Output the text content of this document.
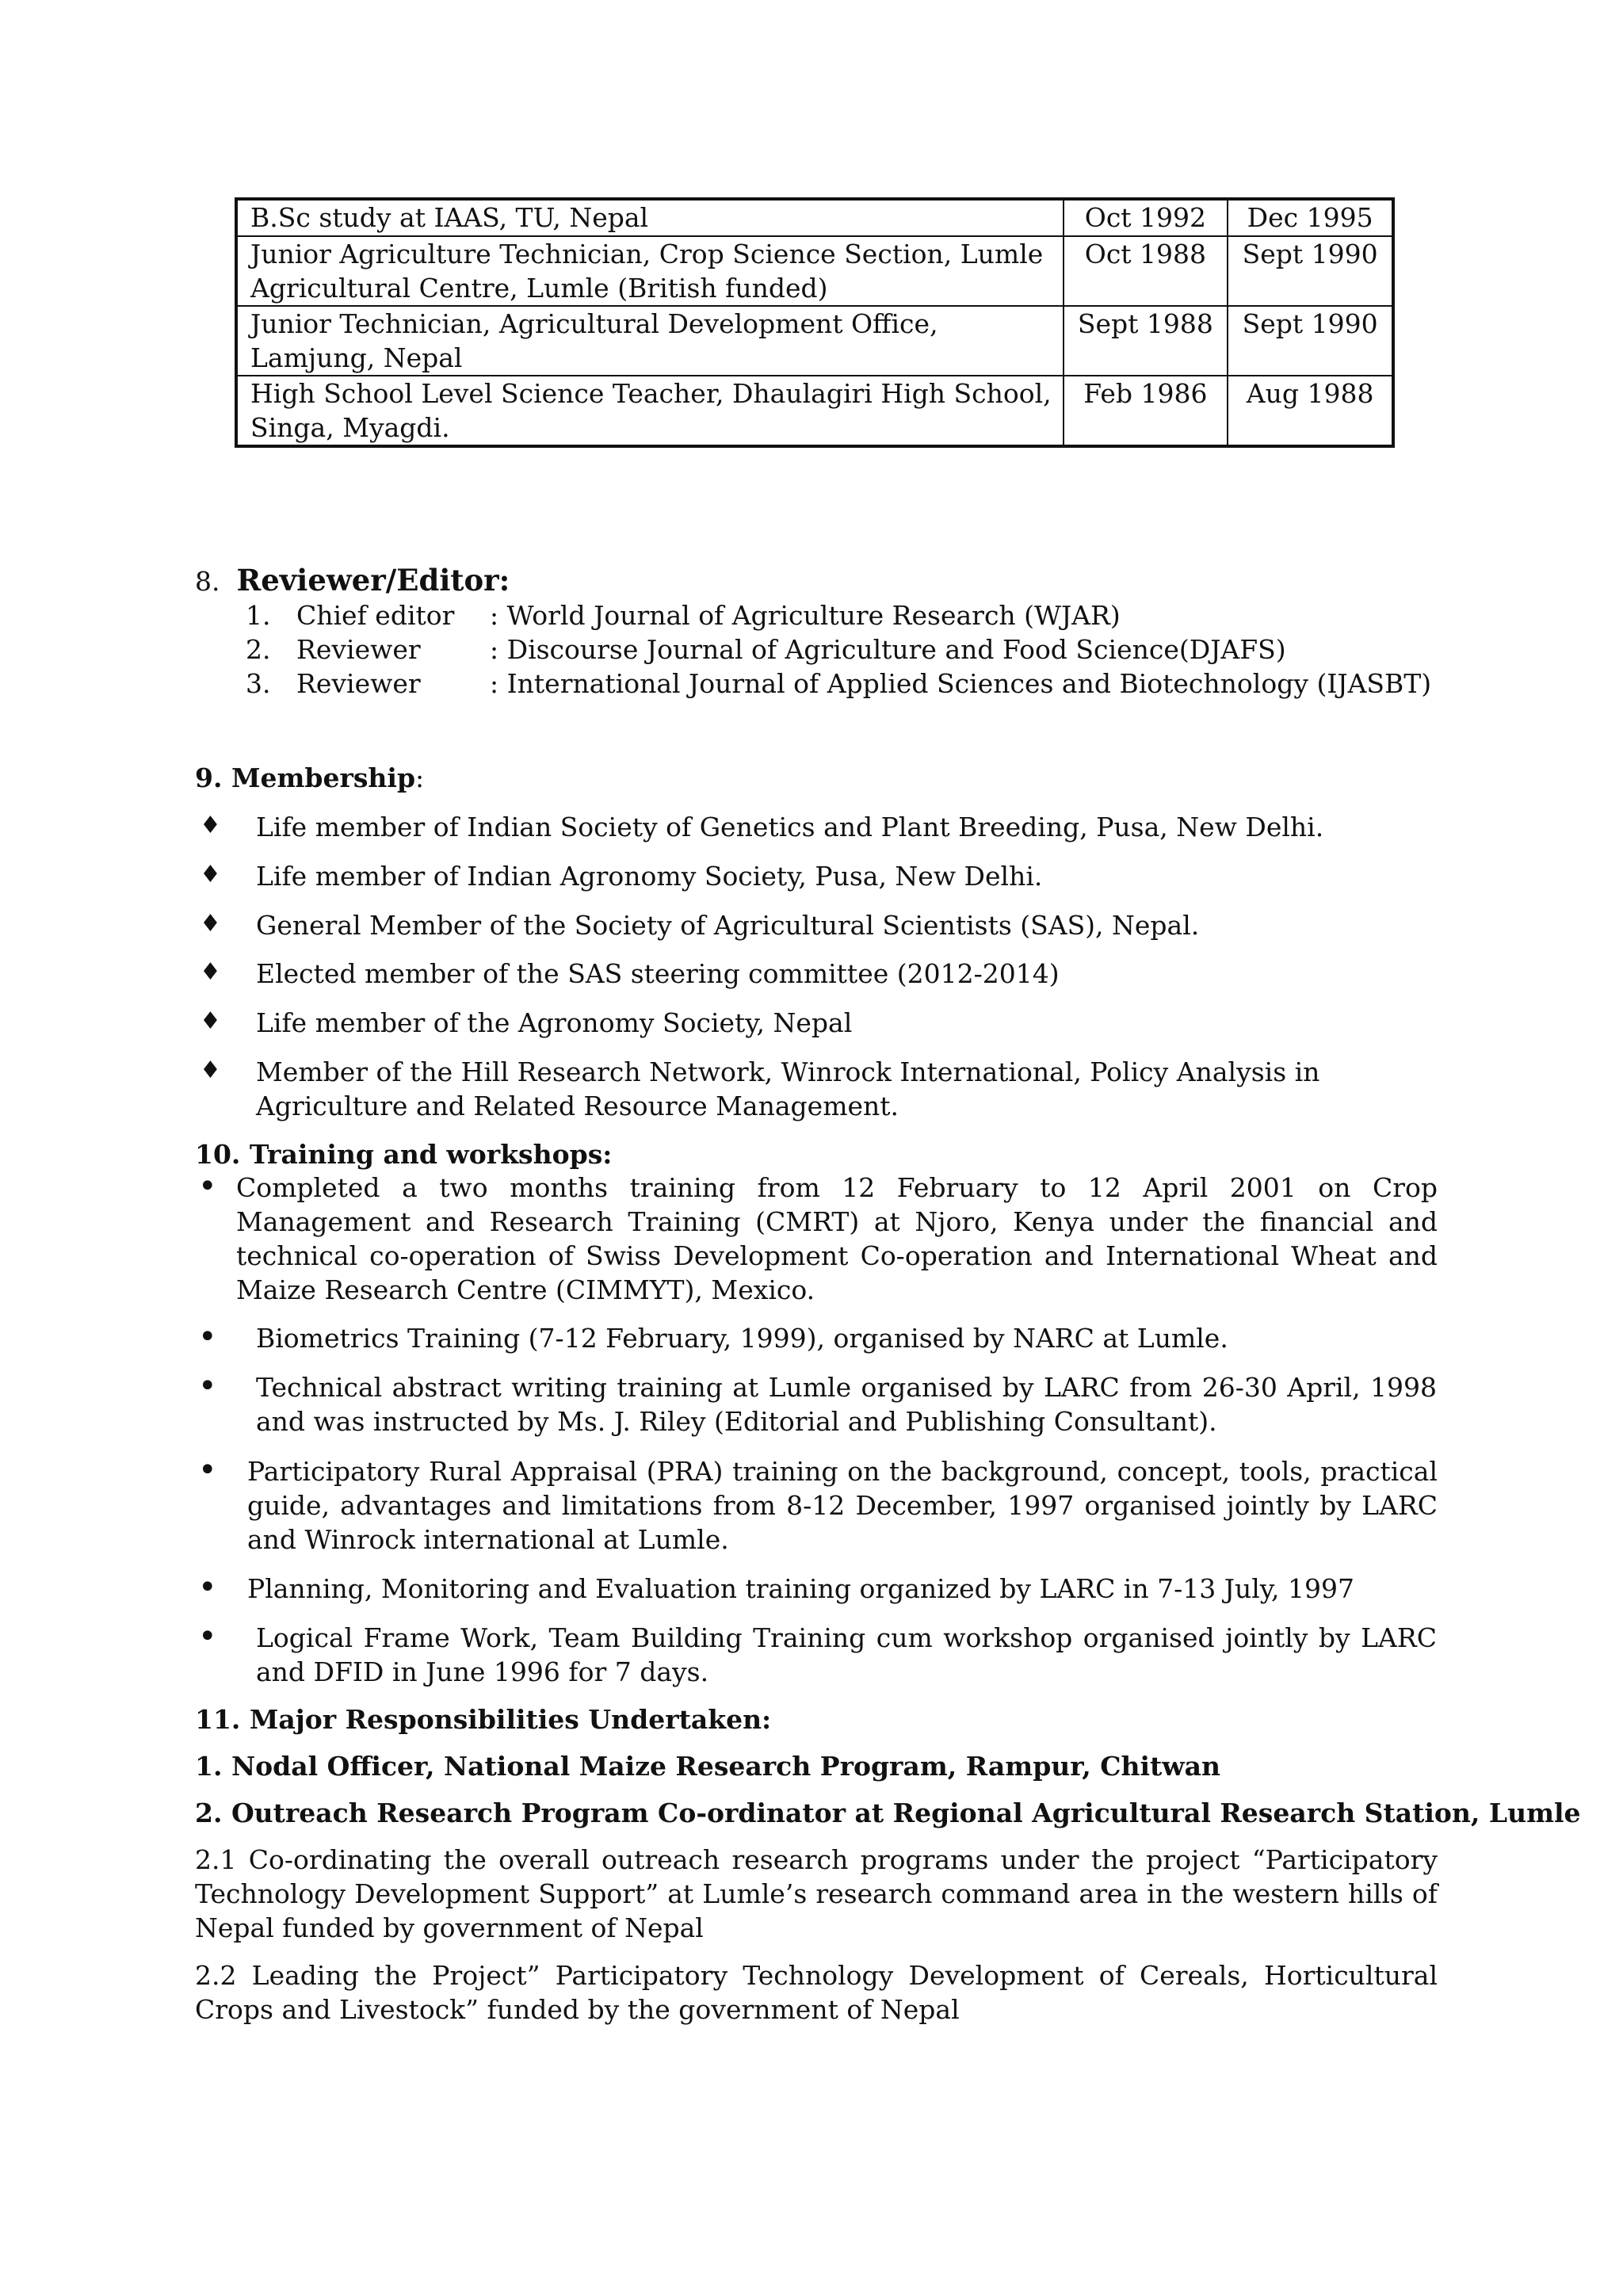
B.Sc study at IAAS, TU, Nepal	Oct 1992	Dec 1995
Junior Agriculture Technician, Crop Science Section, Lumle Agricultural Centre, Lumle (British funded)	Oct 1988	Sept 1990
Junior Technician, Agricultural Development Office, Lamjung, Nepal	Sept 1988	Sept 1990
High School Level Science Teacher, Dhaulagiri High School, Singa, Myagdi.	Feb 1986	Aug 1988
8. Reviewer/Editor:
1. Chief editor : World Journal of Agriculture Research (WJAR)
2. Reviewer	: Discourse Journal of Agriculture and Food Science(DJAFS)
3. Reviewer	: International Journal of Applied Sciences and Biotechnology (IJASBT)
9. Membership:
♦ Life member of Indian Society of Genetics and Plant Breeding, Pusa, New Delhi.
♦ Life member of Indian Agronomy Society, Pusa, New Delhi.
♦ General Member of the Society of Agricultural Scientists (SAS), Nepal.
♦ Elected member of the SAS steering committee (2012-2014)
♦ Life member of the Agronomy Society, Nepal
♦ Member of the Hill Research Network, Winrock International, Policy Analysis in Agriculture and Related Resource Management.
10. Training and workshops:
• Completed a two months training from 12 February to 12 April 2001 on Crop Management and Research Training (CMRT) at Njoro, Kenya under the financial and technical co-operation of Swiss Development Co-operation and International Wheat and Maize Research Centre (CIMMYT), Mexico.
• Biometrics Training (7-12 February, 1999), organised by NARC at Lumle.
• Technical abstract writing training at Lumle organised by LARC from 26-30 April, 1998 and was instructed by Ms. J. Riley (Editorial and Publishing Consultant).
• Participatory Rural Appraisal (PRA) training on the background, concept, tools, practical guide, advantages and limitations from 8-12 December, 1997 organised jointly by LARC and Winrock international at Lumle.
• Planning, Monitoring and Evaluation training organized by LARC in 7-13 July, 1997
• Logical Frame Work, Team Building Training cum workshop organised jointly by LARC and DFID in June 1996 for 7 days.
11. Major Responsibilities Undertaken:
1. Nodal Officer, National Maize Research Program, Rampur, Chitwan
2. Outreach Research Program Co-ordinator at Regional Agricultural Research Station, Lumle
2.1 Co-ordinating the overall outreach research programs under the project “Participatory Technology Development Support” at Lumle’s research command area in the western hills of Nepal funded by government of Nepal
2.2 Leading the Project” Participatory Technology Development of Cereals, Horticultural Crops and Livestock” funded by the government of Nepal
